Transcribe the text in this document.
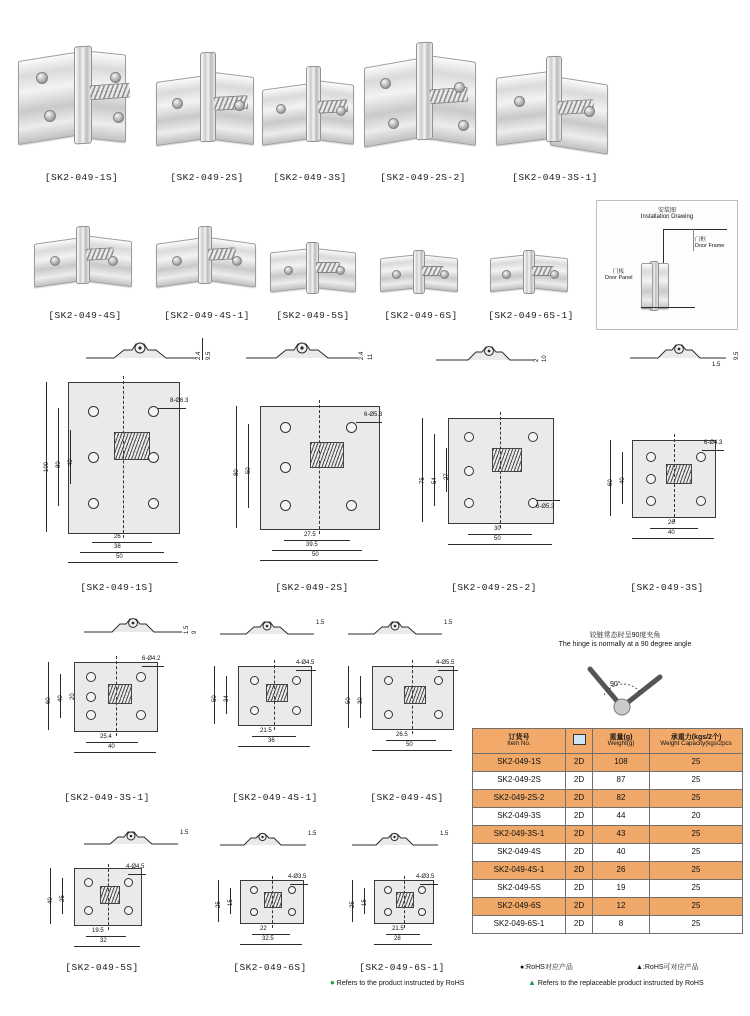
[SK2-049-1S]	[SK2-049-2S]	[SK2-049-3S]	[SK2-049-2S-2]	[SK2-049-3S-1]
[SK2-049-4S]	[SK2-049-4S-1]	[SK2-049-5S]	[SK2-049-6S]	[SK2-049-6S-1]
安装图
Installation Drawing
门框
Door Frame
门板
Door Panel
9.5
2.4	11
2.4	10
2
9.5
1.5
100 80 40
26
38
50
8-Ø6.3
[SK2-049-1S]
80 50
27.5
39.5
50
6-Ø5.3
[SK2-049-2S]
75 54
27
30
50
6-Ø5.3
[SK2-049-2S-2]
60 40
26
40
6-Ø4.3
[SK2-049-3S]
9
1.5
1.5	1.5
60 40 20
25.4
40
6-Ø4.2
[SK2-049-3S-1]
50 34
21.5
36
4-Ø4.5
[SK2-049-4S-1]
50 30
26.5
50
4-Ø5.5
[SK2-049-4S]
铰链常态时呈90度夹角
The hinge is normally at a 90 degree angle
90°
1.5	1.5	1.5
40 25
19.5
32
4-Ø4.5
[SK2-049-5S]
25 15
22
32.5
4-Ø3.5
[SK2-049-6S]
25 15
21.5
28
4-Ø3.5
[SK2-049-6S-1]
订货号
Item No.		重量(g)
Weight(g)	承重力(kgs/2个)
Weight Capacity(kgs/2pcs

SK2-049-1S	2D	108	25
SK2-049-2S	2D	87	25
SK2-049-2S-2	2D	82	25
SK2-049-3S	2D	44	20
SK2-049-3S-1	2D	43	25
SK2-049-4S	2D	40	25
SK2-049-4S-1	2D	26	25
SK2-049-5S	2D	19	25
SK2-049-6S	2D	12	25
SK2-049-6S-1	2D	8	25
●:RoHS对应产品	▲:RoHS可对应产品
● Refers to the product instructed by RoHS	▲ Refers to the replaceable product instructed by RoHS
